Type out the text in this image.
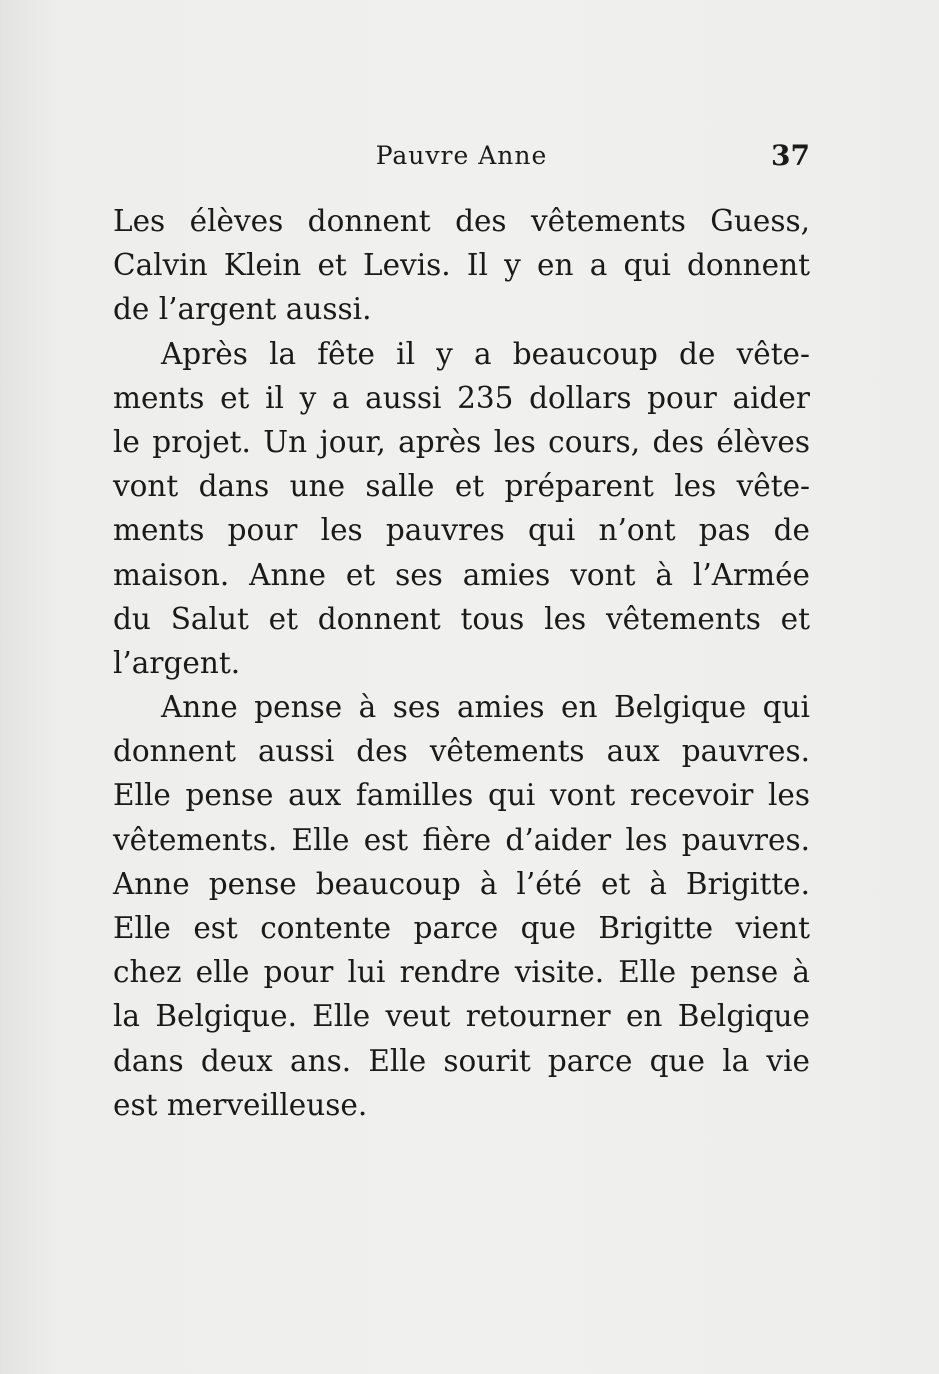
Pauvre Anne	37
Les élèves donnent des vêtements Guess,
Calvin Klein et Levis. Il y en a qui donnent
de l’argent aussi.
Après la fête il y a beaucoup de vête-
ments et il y a aussi 235 dollars pour aider
le projet. Un jour, après les cours, des élèves
vont dans une salle et préparent les vête-
ments pour les pauvres qui n’ont pas de
maison. Anne et ses amies vont à l’Armée
du Salut et donnent tous les vêtements et
l’argent.
Anne pense à ses amies en Belgique qui
donnent aussi des vêtements aux pauvres.
Elle pense aux familles qui vont recevoir les
vêtements. Elle est fière d’aider les pauvres.
Anne pense beaucoup à l’été et à Brigitte.
Elle est contente parce que Brigitte vient
chez elle pour lui rendre visite. Elle pense à
la Belgique. Elle veut retourner en Belgique
dans deux ans. Elle sourit parce que la vie
est merveilleuse.
